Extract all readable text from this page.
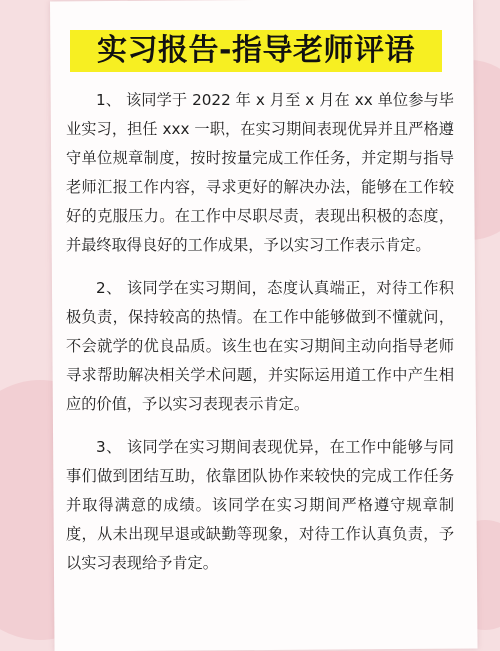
实习报告-指导老师评语

1、 该同学于 2022 年 x 月至 x 月在 xx 单位参与毕业实习，担任 xxx 一职，在实习期间表现优异并且严格遵守单位规章制度，按时按量完成工作任务，并定期与指导老师汇报工作内容，寻求更好的解决办法，能够在工作较好的克服压力。在工作中尽职尽责，表现出积极的态度，并最终取得良好的工作成果，予以实习工作表示肯定。

2、 该同学在实习期间，态度认真端正，对待工作积极负责，保持较高的热情。在工作中能够做到不懂就问，不会就学的优良品质。该生也在实习期间主动向指导老师寻求帮助解决相关学术问题，并实际运用道工作中产生相应的价值，予以实习表现表示肯定。

3、 该同学在实习期间表现优异，在工作中能够与同事们做到团结互助，依靠团队协作来较快的完成工作任务并取得满意的成绩。该同学在实习期间严格遵守规章制度，从未出现早退或缺勤等现象，对待工作认真负责，予以实习表现给予肯定。
